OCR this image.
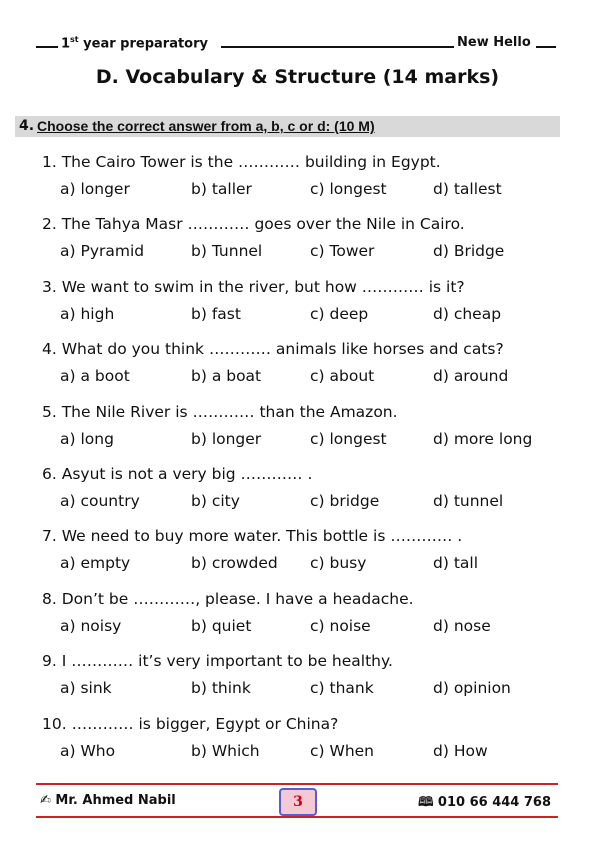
1st year preparatory	New Hello
D. Vocabulary & Structure (14 marks)
4. Choose the correct answer from a, b, c or d: (10 M)
1. The Cairo Tower is the ………… building in Egypt.
a) longer	b) taller	c) longest	d) tallest
2. The Tahya Masr ………… goes over the Nile in Cairo.
a) Pyramid	b) Tunnel	c) Tower	d) Bridge
3. We want to swim in the river, but how ………… is it?
a) high	b) fast	c) deep	d) cheap
4. What do you think ………… animals like horses and cats?
a) a boot	b) a boat	c) about	d) around
5. The Nile River is ………… than the Amazon.
a) long	b) longer	c) longest	d) more long
6. Asyut is not a very big ………… .
a) country	b) city	c) bridge	d) tunnel
7. We need to buy more water. This bottle is ………… .
a) empty	b) crowded c) busy	d) tall
8. Don’t be …………, please. I have a headache.
a) noisy	b) quiet	c) noise	d) nose
9. I ………… it’s very important to be healthy.
a) sink	b) think	c) thank	d) opinion
10. ………… is bigger, Egypt or China?
a) Who	b) Which	c) When	d) How
✍ Mr. Ahmed Nabil	3	🕮 010 66 444 768
